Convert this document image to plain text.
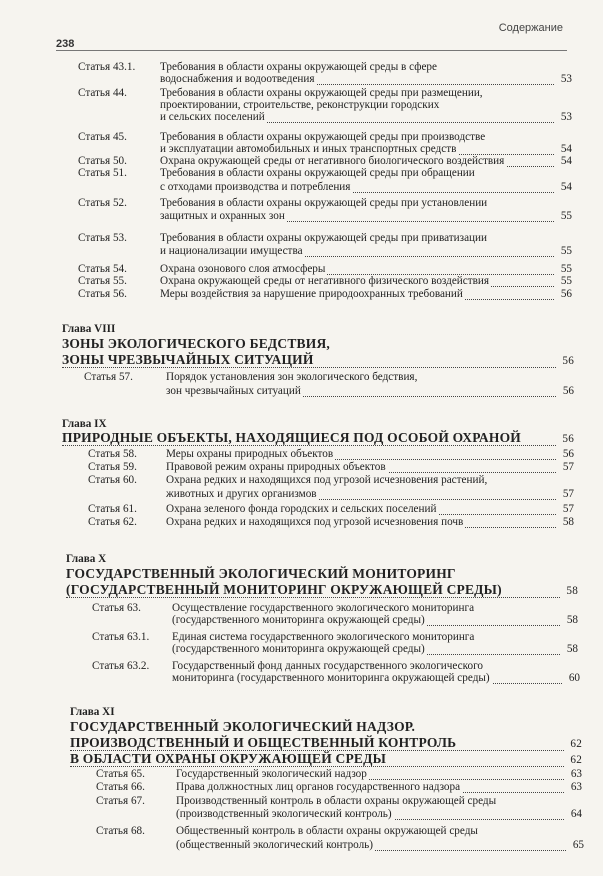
Содержание
238
Статья 43.1. Требования в области охраны окружающей среды в сфере
водоснабжения и водоотведения	53
Статья 44.	Требования в области охраны окружающей среды при размещении,
проектировании, строительстве, реконструкции городских
и сельских поселений	53
Статья 45.	Требования в области охраны окружающей среды при производстве
и эксплуатации автомобильных и иных транспортных средств	54
Статья 50.	Охрана окружающей среды от негативного биологического воздействия	54
Статья 51.	Требования в области охраны окружающей среды при обращении
с отходами производства и потребления	54
Статья 52.	Требования в области охраны окружающей среды при установлении
защитных и охранных зон	55
Статья 53.	Требования в области охраны окружающей среды при приватизации
и национализации имущества	55
Статья 54.	Охрана озонового слоя атмосферы	55
Статья 55.	Охрана окружающей среды от негативного физического воздействия	55
Статья 56.	Меры воздействия за нарушение природоохранных требований	56
Глава VIII
ЗОНЫ ЭКОЛОГИЧЕСКОГО БЕДСТВИЯ,
ЗОНЫ ЧРЕЗВЫЧАЙНЫХ СИТУАЦИЙ	56
Статья 57.	Порядок установления зон экологического бедствия,
зон чрезвычайных ситуаций	56
Глава IX
ПРИРОДНЫЕ ОБЪЕКТЫ, НАХОДЯЩИЕСЯ ПОД ОСОБОЙ ОХРАНОЙ	56
Статья 58.	Меры охраны природных объектов	56
Статья 59.	Правовой режим охраны природных объектов	57
Статья 60.	Охрана редких и находящихся под угрозой исчезновения растений,
животных и других организмов	57
Статья 61.	Охрана зеленого фонда городских и сельских поселений	57
Статья 62.	Охрана редких и находящихся под угрозой исчезновения почв	58
Глава X
ГОСУДАРСТВЕННЫЙ ЭКОЛОГИЧЕСКИЙ МОНИТОРИНГ
(ГОСУДАРСТВЕННЫЙ МОНИТОРИНГ ОКРУЖАЮЩЕЙ СРЕДЫ)	58
Статья 63.	Осуществление государственного экологического мониторинга
(государственного мониторинга окружающей среды)	58
Статья 63.1. Единая система государственного экологического мониторинга
(государственного мониторинга окружающей среды)	58
Статья 63.2. Государственный фонд данных государственного экологического
мониторинга (государственного мониторинга окружающей среды)	60
Глава XI
ГОСУДАРСТВЕННЫЙ ЭКОЛОГИЧЕСКИЙ НАДЗОР.
ПРОИЗВОДСТВЕННЫЙ И ОБЩЕСТВЕННЫЙ КОНТРОЛЬ	62
В ОБЛАСТИ ОХРАНЫ ОКРУЖАЮЩЕЙ СРЕДЫ	62
Статья 65.	Государственный экологический надзор	63
Статья 66.	Права должностных лиц органов государственного надзора	63
Статья 67.	Производственный контроль в области охраны окружающей среды
(производственный экологический контроль)	64
Статья 68.	Общественный контроль в области охраны окружающей среды
(общественный экологический контроль)	65
